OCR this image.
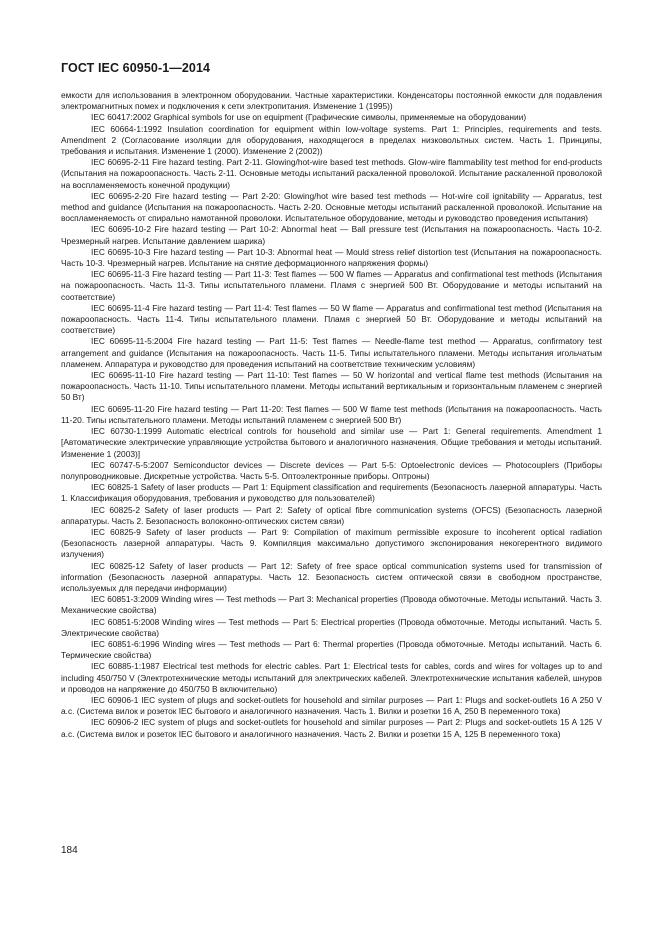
ГОСТ IEC 60950-1—2014

емкости для использования в электронном оборудовании. Частные характеристики. Конденсаторы постоянной емкости для подавления электромагнитных помех и подключения к сети электропитания. Изменение 1 (1995))

IEC 60417:2002 Graphical symbols for use on equipment (Графические символы, применяемые на оборудовании)

IEC 60664-1:1992 Insulation coordination for equipment within low-voltage systems. Part 1: Principles, requirements and tests. Amendment 2 (Согласование изоляции для оборудования, находящегося в пределах низковольтных систем. Часть 1. Принципы, требования и испытания. Изменение 1 (2000). Изменение 2 (2002))

IEC 60695-2-11 Fire hazard testing. Part 2-11. Glowing/hot-wire based test methods. Glow-wire flammability test method for end-products (Испытания на пожароопасность. Часть 2-11. Основные методы испытаний раскаленной проволокой. Испытание раскаленной проволокой на воспламеняемость конечной продукции)

IEC 60695-2-20 Fire hazard testing — Part 2-20: Glowing/hot wire based test methods — Hot-wire coil ignitability — Apparatus, test method and guidance (Испытания на пожароопасность. Часть 2-20. Основные методы испытаний раскаленной проволокой. Испытание на воспламеняемость от спирально намотанной проволоки. Испытательное оборудование, методы и руководство проведения испытания)

IEC 60695-10-2 Fire hazard testing — Part 10-2: Abnormal heat — Ball pressure test (Испытания на пожароопасность. Часть 10-2. Чрезмерный нагрев. Испытание давлением шарика)

IEC 60695-10-3 Fire hazard testing — Part 10-3: Abnormal heat — Mould stress relief distortion test (Испытания на пожароопасность. Часть 10-3. Чрезмерный нагрев. Испытание на снятие деформационного напряжения формы)

IEC 60695-11-3 Fire hazard testing — Part 11-3: Test flames — 500 W flames — Apparatus and confirmational test methods (Испытания на пожароопасность. Часть 11-3. Типы испытательного пламени. Пламя с энергией 500 Вт. Оборудование и методы испытаний на соответствие)

IEC 60695-11-4 Fire hazard testing — Part 11-4: Test flames — 50 W flame — Apparatus and confirmational test method (Испытания на пожароопасность. Часть 11-4. Типы испытательного пламени. Пламя с энергией 50 Вт. Оборудование и методы испытаний на соответствие)

IEC 60695-11-5:2004 Fire hazard testing — Part 11-5: Test flames — Needle-flame test method — Apparatus, confirmatory test arrangement and guidance (Испытания на пожароопасность. Часть 11-5. Типы испытательного пламени. Методы испытания игольчатым пламенем. Аппаратура и руководство для проведения испытаний на соответствие техническим условиям)

IEC 60695-11-10 Fire hazard testing — Part 11-10: Test flames — 50 W horizontal and vertical flame test methods (Испытания на пожароопасность. Часть 11-10. Типы испытательного пламени. Методы испытаний вертикальным и горизонтальным пламенем с энергией 50 Вт)

IEC 60695-11-20 Fire hazard testing — Part 11-20: Test flames — 500 W flame test methods (Испытания на пожароопасность. Часть 11-20. Типы испытательного пламени. Методы испытаний пламенем с энергией 500 Вт)

IEC 60730-1:1999 Automatic electrical controls for household and similar use — Part 1: General requirements. Amendment 1 [Автоматические электрические управляющие устройства бытового и аналогичного назначения. Общие требования и методы испытаний. Изменение 1 (2003)]

IEC 60747-5-5:2007 Semiconductor devices — Discrete devices — Part 5-5: Optoelectronic devices — Photocouplers (Приборы полупроводниковые. Дискретные устройства. Часть 5-5. Оптоэлектронные приборы. Оптроны)

IEC 60825-1 Safety of laser products — Part 1: Equipment classification and requirements (Безопасность лазерной аппаратуры. Часть 1. Классификация оборудования, требования и руководство для пользователей)

IEC 60825-2 Safety of laser products — Part 2: Safety of optical fibre communication systems (OFCS) (Безопасность лазерной аппаратуры. Часть 2. Безопасность волоконно-оптических систем связи)

IEC 60825-9 Safety of laser products — Part 9: Compilation of maximum permissible exposure to incoherent optical radiation (Безопасность лазерной аппаратуры. Часть 9. Компиляция максимально допустимого экспонирования некогерентного видимого излучения)

IEC 60825-12 Safety of laser products — Part 12: Safety of free space optical communication systems used for transmission of information (Безопасность лазерной аппаратуры. Часть 12. Безопасность систем оптической связи в свободном пространстве, используемых для передачи информации)

IEC 60851-3:2009 Winding wires — Test methods — Part 3: Mechanical properties (Провода обмоточные. Методы испытаний. Часть 3. Механические свойства)

IEC 60851-5:2008 Winding wires — Test methods — Part 5: Electrical properties (Провода обмоточные. Методы испытаний. Часть 5. Электрические свойства)

IEC 60851-6:1996 Winding wires — Test methods — Part 6: Thermal properties (Провода обмоточные. Методы испытаний. Часть 6. Термические свойства)

IEC 60885-1:1987 Electrical test methods for electric cables. Part 1: Electrical tests for cables, cords and wires for voltages up to and including 450/750 V (Электротехнические методы испытаний для электрических кабелей. Электротехнические испытания кабелей, шнуров и проводов на напряжение до 450/750 В включительно)

IEC 60906-1 IEC system of plugs and socket-outlets for household and similar purposes — Part 1: Plugs and socket-outlets 16 A 250 V a.c. (Система вилок и розеток IEC бытового и аналогичного назначения. Часть 1. Вилки и розетки 16 А, 250 В переменного тока)

IEC 60906-2 IEC system of plugs and socket-outlets for household and similar purposes — Part 2: Plugs and socket-outlets 15 A 125 V a.c. (Система вилок и розеток IEC бытового и аналогичного назначения. Часть 2. Вилки и розетки 15 А, 125 В переменного тока)

184
